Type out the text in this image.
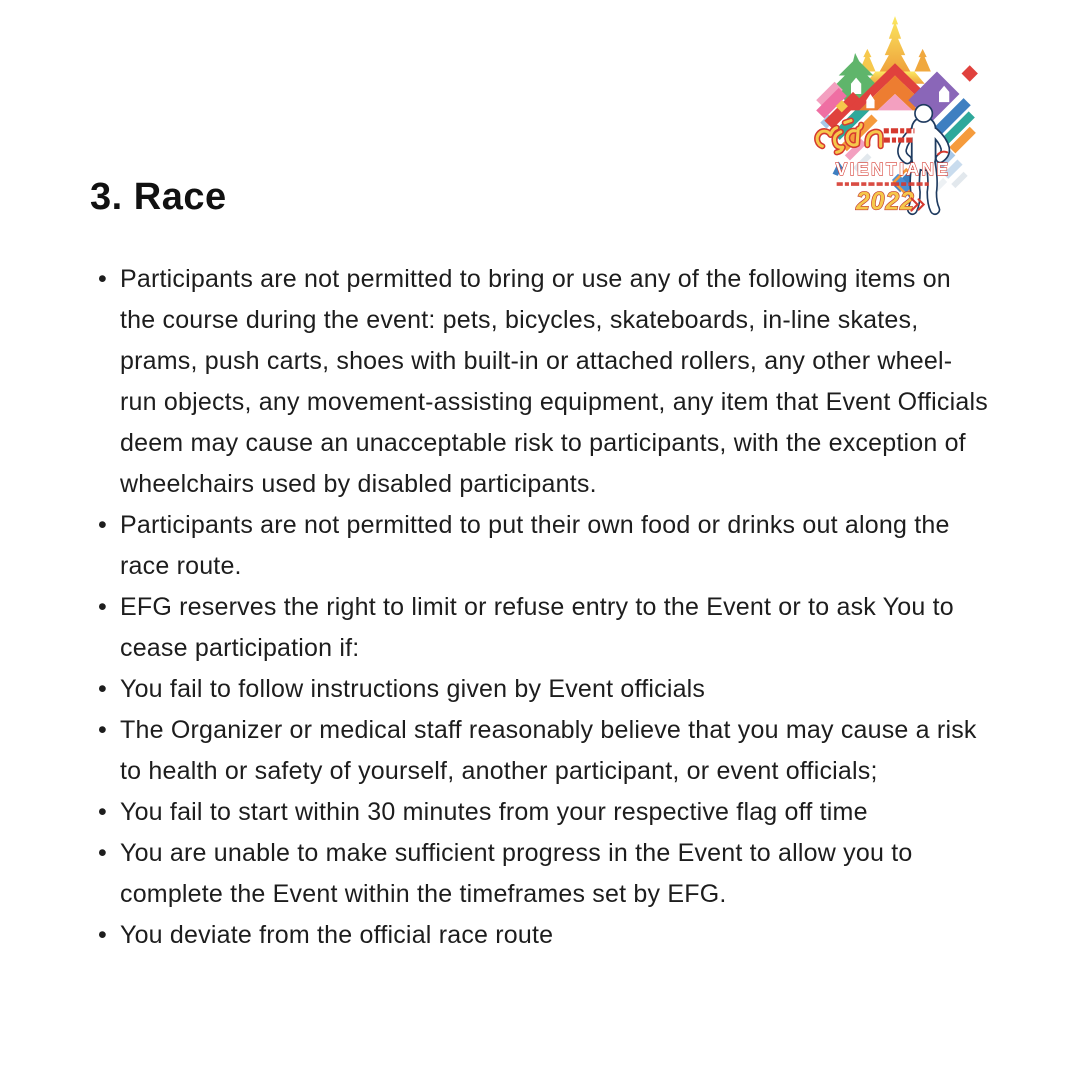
3. Race
VIENTIANE
2022
• Participants are not permitted to bring or use any of the following items on the course during the event: pets, bicycles, skateboards, in-line skates, prams, push carts, shoes with built-in or attached rollers, any other wheel-run objects, any movement-assisting equipment, any item that Event Officials deem may cause an unacceptable risk to participants, with the exception of wheelchairs used by disabled participants.
• Participants are not permitted to put their own food or drinks out along the race route.
• EFG reserves the right to limit or refuse entry to the Event or to ask You to cease participation if:
• You fail to follow instructions given by Event officials
• The Organizer or medical staff reasonably believe that you may cause a risk to health or safety of yourself, another participant, or event officials;
• You fail to start within 30 minutes from your respective flag off time
• You are unable to make sufficient progress in the Event to allow you to complete the Event within the timeframes set by EFG.
• You deviate from the official race route
